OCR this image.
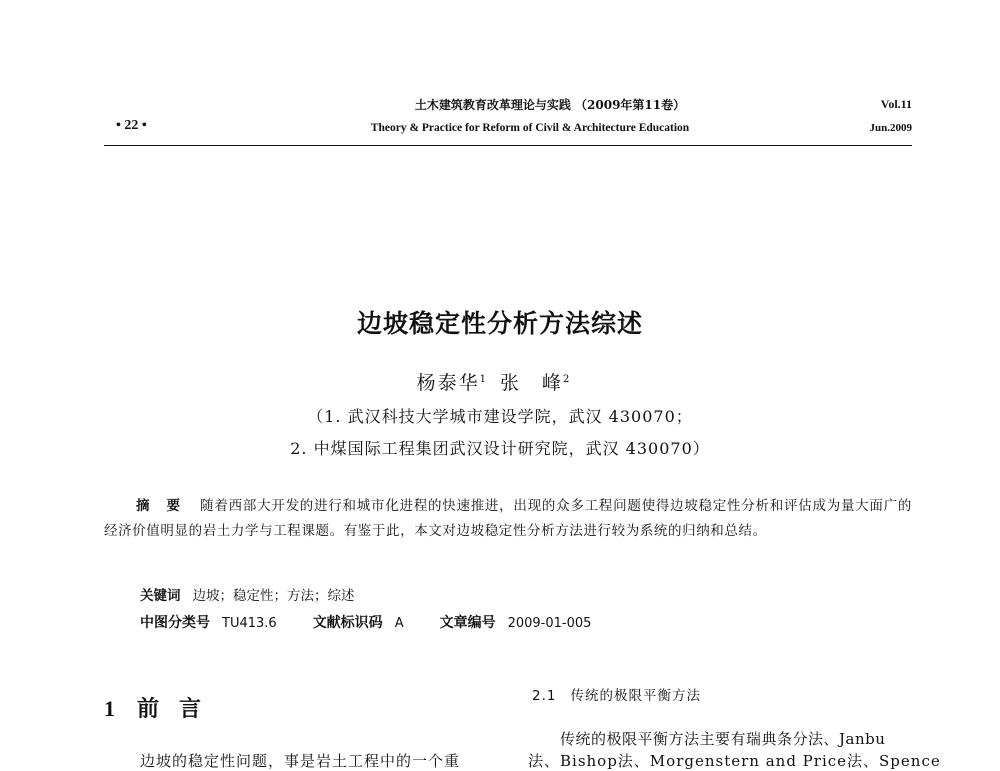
• 22 •
土木建筑教育改革理论与实践 （2009年第11卷）
Theory & Practice for Reform of Civil & Architecture Education
Vol.11
Jun.2009
边坡稳定性分析方法综述
杨泰华$^1$ 张　峰$^2$
（1. 武汉科技大学城市建设学院，武汉 430070；
2. 中煤国际工程集团武汉设计研究院，武汉 430070）
摘 要 随着西部大开发的进行和城市化进程的快速推进，出现的众多工程问题使得边坡稳定性分析和评估成为量大面广的经济价值明显的岩土力学与工程课题。有鉴于此，本文对边坡稳定性分析方法进行较为系统的归纳和总结。
关键词 边坡；稳定性；方法；综述
中图分类号 TU413.6	文献标识码 A	文章编号 2009-01-005
1 前言	2.1 传统的极限平衡方法
传统的极限平衡方法主要有瑞典条分法、Janbu
边坡的稳定性问题，事是岩土工程中的一个重	法、Bishop法、Morgenstern and Price法、Spence
